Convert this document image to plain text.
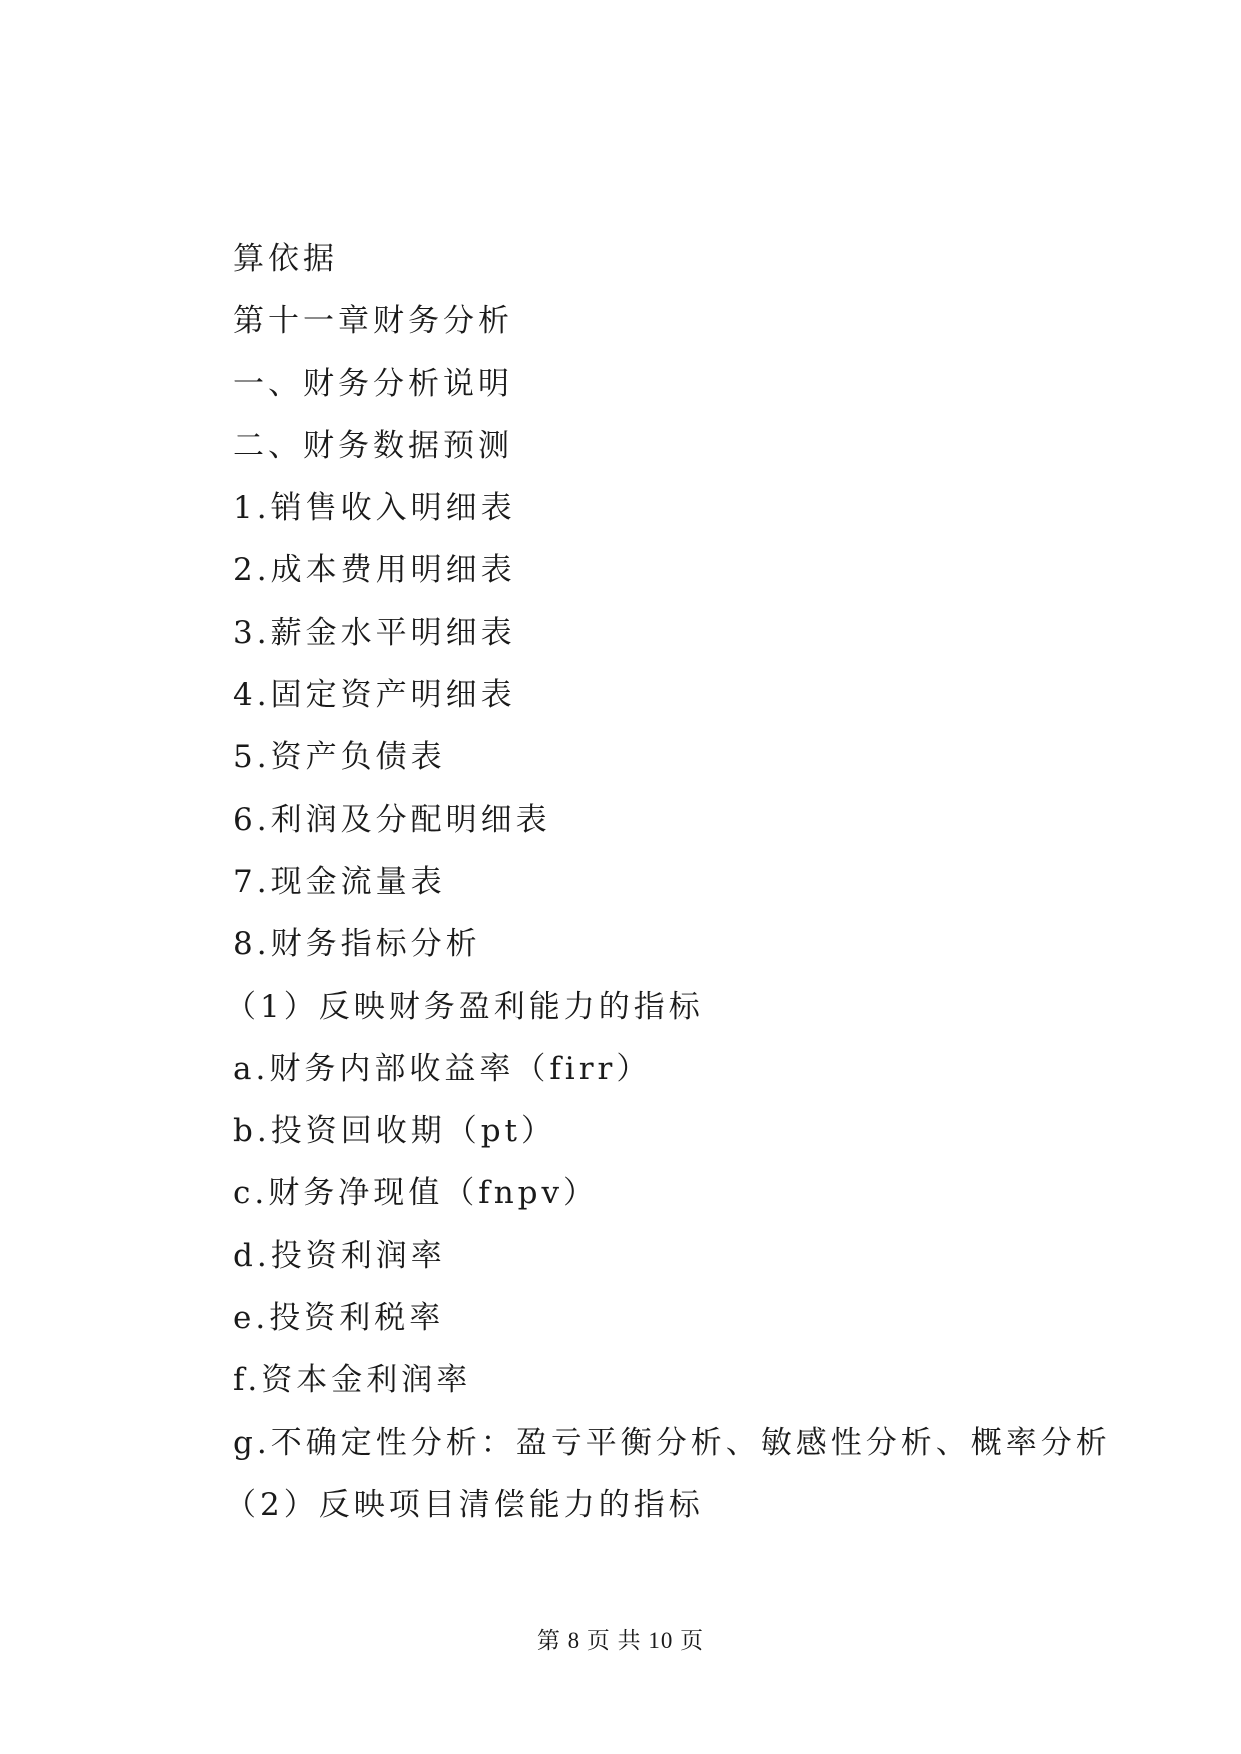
算依据
第十一章财务分析
一、财务分析说明
二、财务数据预测
1.销售收入明细表
2.成本费用明细表
3.薪金水平明细表
4.固定资产明细表
5.资产负债表
6.利润及分配明细表
7.现金流量表
8.财务指标分析
（1）反映财务盈利能力的指标
a.财务内部收益率（firr）
b.投资回收期（pt）
c.财务净现值（fnpv）
d.投资利润率
e.投资利税率
f.资本金利润率
g.不确定性分析：盈亏平衡分析、敏感性分析、概率分析
（2）反映项目清偿能力的指标
第 8 页 共 10 页
